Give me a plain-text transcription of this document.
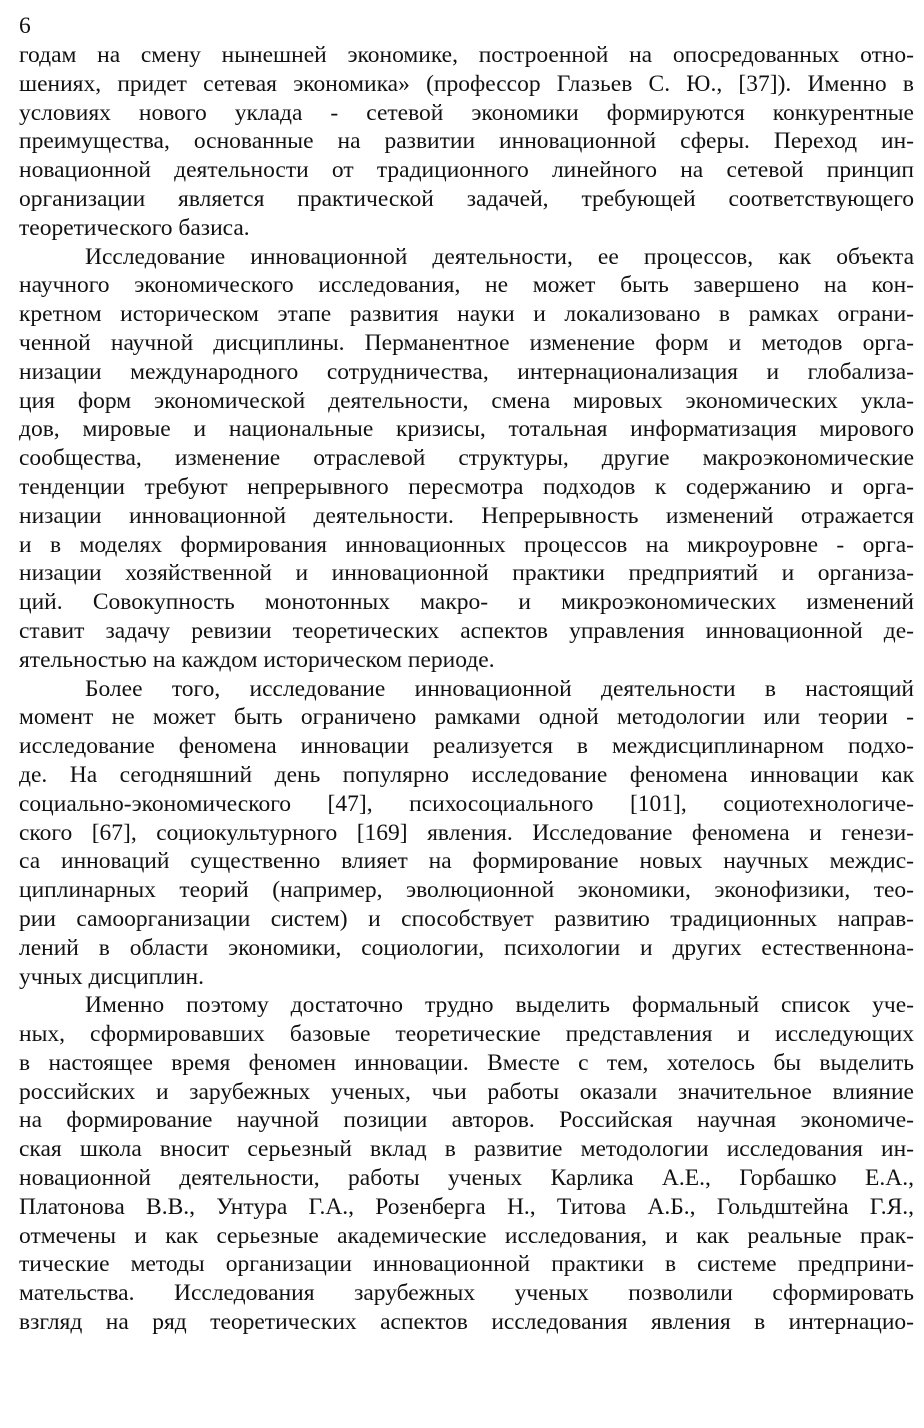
6
годам на смену нынешней экономике, построенной на опосредованных отно-
шениях, придет сетевая экономика» (профессор Глазьев С. Ю., [37]). Именно в
условиях нового уклада - сетевой экономики формируются конкурентные
преимущества, основанные на развитии инновационной сферы. Переход ин-
новационной деятельности от традиционного линейного на сетевой принцип
организации является практической задачей, требующей соответствующего
теоретического базиса.
Исследование инновационной деятельности, ее процессов, как объекта
научного экономического исследования, не может быть завершено на кон-
кретном историческом этапе развития науки и локализовано в рамках ограни-
ченной научной дисциплины. Перманентное изменение форм и методов орга-
низации международного сотрудничества, интернационализация и глобализа-
ция форм экономической деятельности, смена мировых экономических укла-
дов, мировые и национальные кризисы, тотальная информатизация мирового
сообщества, изменение отраслевой структуры, другие макроэкономические
тенденции требуют непрерывного пересмотра подходов к содержанию и орга-
низации инновационной деятельности. Непрерывность изменений отражается
и в моделях формирования инновационных процессов на микроуровне - орга-
низации хозяйственной и инновационной практики предприятий и организа-
ций. Совокупность монотонных макро- и микроэкономических изменений
ставит задачу ревизии теоретических аспектов управления инновационной де-
ятельностью на каждом историческом периоде.
Более того, исследование инновационной деятельности в настоящий
момент не может быть ограничено рамками одной методологии или теории -
исследование феномена инновации реализуется в междисциплинарном подхо-
де. На сегодняшний день популярно исследование феномена инновации как
социально-экономического [47], психосоциального [101], социотехнологиче-
ского [67], социокультурного [169] явления. Исследование феномена и генези-
са инноваций существенно влияет на формирование новых научных междис-
циплинарных теорий (например, эволюционной экономики, эконофизики, тео-
рии самоорганизации систем) и способствует развитию традиционных направ-
лений в области экономики, социологии, психологии и других естественнона-
учных дисциплин.
Именно поэтому достаточно трудно выделить формальный список уче-
ных, сформировавших базовые теоретические представления и исследующих
в настоящее время феномен инновации. Вместе с тем, хотелось бы выделить
российских и зарубежных ученых, чьи работы оказали значительное влияние
на формирование научной позиции авторов. Российская научная экономиче-
ская школа вносит серьезный вклад в развитие методологии исследования ин-
новационной деятельности, работы ученых Карлика А.Е., Горбашко Е.А.,
Платонова В.В., Унтура Г.А., Розенберга Н., Титова А.Б., Гольдштейна Г.Я.,
отмечены и как серьезные академические исследования, и как реальные прак-
тические методы организации инновационной практики в системе предприни-
мательства. Исследования зарубежных ученых позволили сформировать
взгляд на ряд теоретических аспектов исследования явления в интернацио-
